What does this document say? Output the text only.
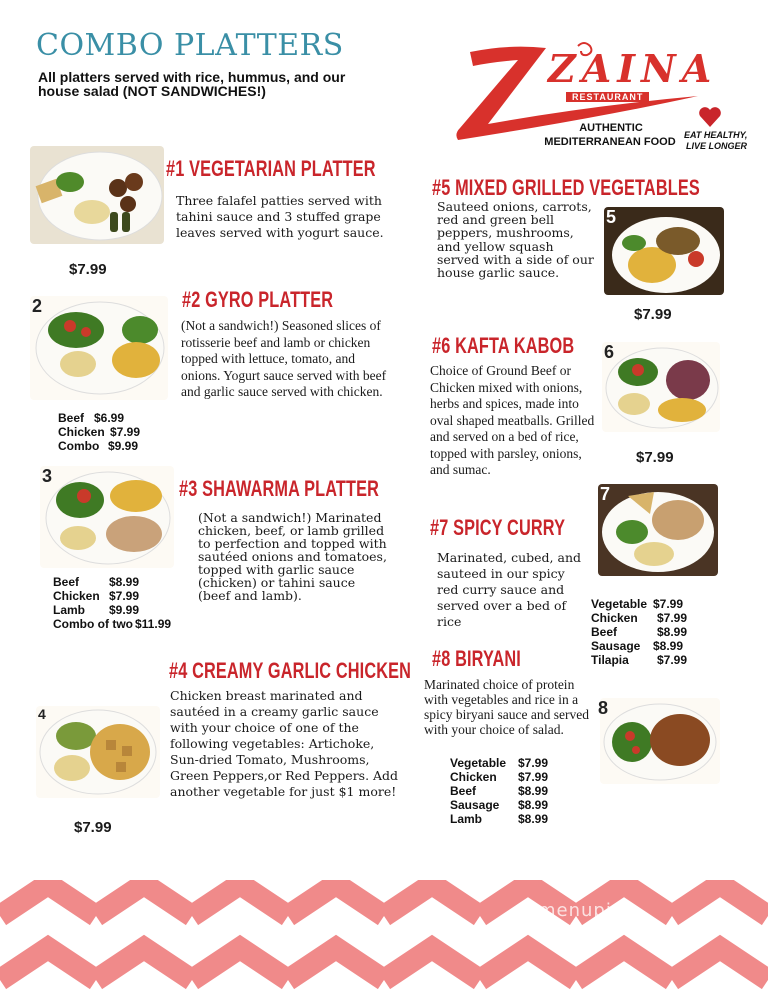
COMBO PLATTERS
All platters served with rice, hummus, and our house salad (NOT SANDWICHES!)	ZAINA
RESTAURANT
AUTHENTIC
MEDITERRANEAN FOOD
EAT HEALTHY,
LIVE LONGER
#1 VEGETARIAN PLATTER
Three falafel patties served with tahini sauce and 3 stuffed grape leaves served with yogurt sauce.
$7.99
2	#2 GYRO PLATTER
(Not a sandwich!) Seasoned slices of rotisserie beef and lamb or chicken topped with lettuce, tomato, and onions. Yogurt sauce served with beef and garlic sauce served with chicken.
Beef $6.99
Chicken $7.99
Combo $9.99
3	#3 SHAWARMA PLATTER
(Not a sandwich!) Marinated chicken, beef, or lamb grilled to perfection and topped with sautéed onions and tomatoes, topped with garlic sauce (chicken) or tahini sauce (beef and lamb).
Beef	$8.99
Chicken $7.99
Lamb	$9.99
Combo of two $11.99
#4 CREAMY GARLIC CHICKEN
Chicken breast marinated and sautéed in a creamy garlic sauce with your choice of one of the following vegetables: Artichoke, Sun-dried Tomato, Mushrooms, Green Peppers,or Red Peppers. Add another vegetable for just $1 more!
4
$7.99
#5 MIXED GRILLED VEGETABLES
Sauteed onions, carrots, red and green bell peppers, mushrooms, and yellow squash served with a side of our house garlic sauce.
5
$7.99
#6 KAFTA KABOB
Choice of Ground Beef or Chicken mixed with onions, herbs and spices, made into oval shaped meatballs. Grilled and served on a bed of rice, topped with parsley, onions, and sumac.
6
$7.99
#7 SPICY CURRY
Marinated, cubed, and sauteed in our spicy red curry sauce and served over a bed of rice
7
Vegetable $7.99
Chicken	$7.99
Beef	$8.99
Sausage	$8.99
Tilapia	$7.99
#8 BIRYANI
Marinated choice of protein with vegetables and rice in a spicy biryani sauce and served with your choice of salad.
8
Vegetable $7.99
Chicken	$7.99
Beef	$8.99
Sausage	$8.99
Lamb	$8.99
menupix
